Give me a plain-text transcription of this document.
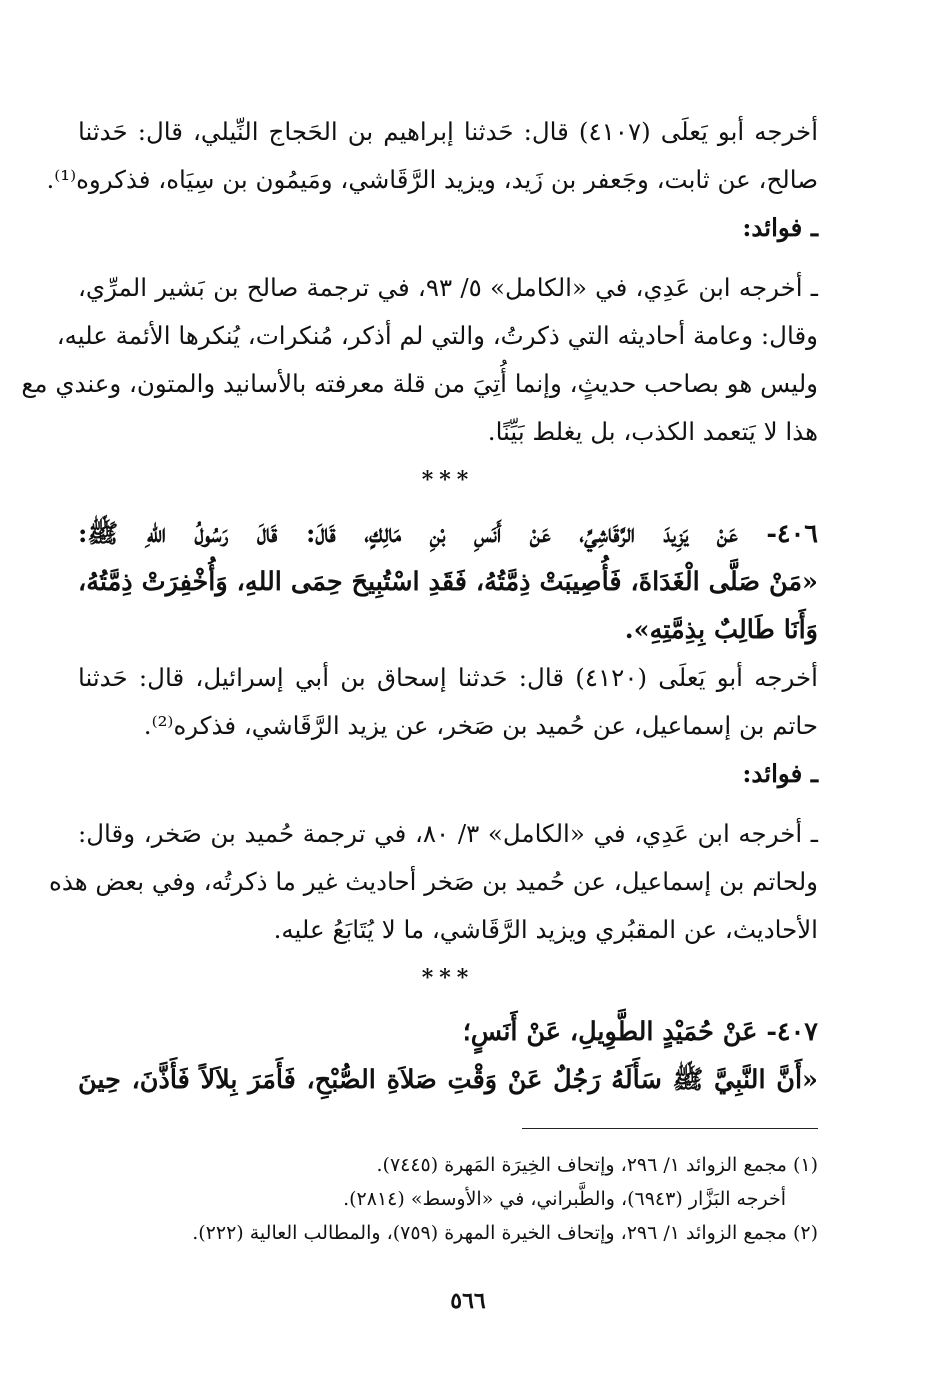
أخرجه أبو يَعلَى (٤١٠٧) قال: حَدثنا إبراهيم بن الحَجاج النِّيلي، قال: حَدثنا
صالح، عن ثابت، وجَعفر بن زَيد، ويزيد الرَّقَاشي، ومَيمُون بن سِيَاه، فذكروه⁽¹⁾.
ـ فوائد:
ـ أخرجه ابن عَدِي، في «الكامل» ٥/ ٩٣، في ترجمة صالح بن بَشير المرِّي،
وقال: وعامة أحاديثه التي ذكرتُ، والتي لم أذكر، مُنكرات، يُنكرها الأئمة عليه،
وليس هو بصاحب حديثٍ، وإنما أُتِيَ من قلة معرفته بالأسانيد والمتون، وعندي مع
هذا لا يَتعمد الكذب، بل يغلط بَيِّنًا.
***
٤٠٦- عَنْ يَزِيدَ الرَّقَاشِيِّ، عَنْ أَنَسِ بْنِ مَالِكٍ، قَالَ: قَالَ رَسُولُ اللهِ ﷺ:
«مَنْ صَلَّى الْغَدَاةَ، فَأُصِيبَتْ ذِمَّتُهُ، فَقَدِ اسْتُبِيحَ حِمَى اللهِ، وَأُخْفِرَتْ ذِمَّتُهُ،
وَأَنَا طَالِبٌ بِذِمَّتِهِ».
أخرجه أبو يَعلَى (٤١٢٠) قال: حَدثنا إسحاق بن أبي إسرائيل، قال: حَدثنا
حاتم بن إسماعيل، عن حُميد بن صَخر، عن يزيد الرَّقَاشي، فذكره⁽²⁾.
ـ فوائد:
ـ أخرجه ابن عَدِي، في «الكامل» ٣/ ٨٠، في ترجمة حُميد بن صَخر، وقال:
ولحاتم بن إسماعيل، عن حُميد بن صَخر أحاديث غير ما ذكرتُه، وفي بعض هذه
الأحاديث، عن المقبُري ويزيد الرَّقَاشي، ما لا يُتَابَعُ عليه.
***
٤٠٧- عَنْ حُمَيْدٍ الطَّوِيلِ، عَنْ أَنَسٍ؛
«أَنَّ النَّبِيَّ ﷺ سَأَلَهُ رَجُلٌ عَنْ وَقْتِ صَلاَةِ الصُّبْحِ، فَأَمَرَ بِلاَلاً فَأَذَّنَ، حِينَ
(١) مجمع الزوائد ١/ ٢٩٦، وإتحاف الخِيرَة المَهرة (٧٤٤٥).
أخرجه البَزَّار (٦٩٤٣)، والطَّبراني، في «الأوسط» (٢٨١٤).
(٢) مجمع الزوائد ١/ ٢٩٦، وإتحاف الخيرة المهرة (٧٥٩)، والمطالب العالية (٢٢٢).
٥٦٦
